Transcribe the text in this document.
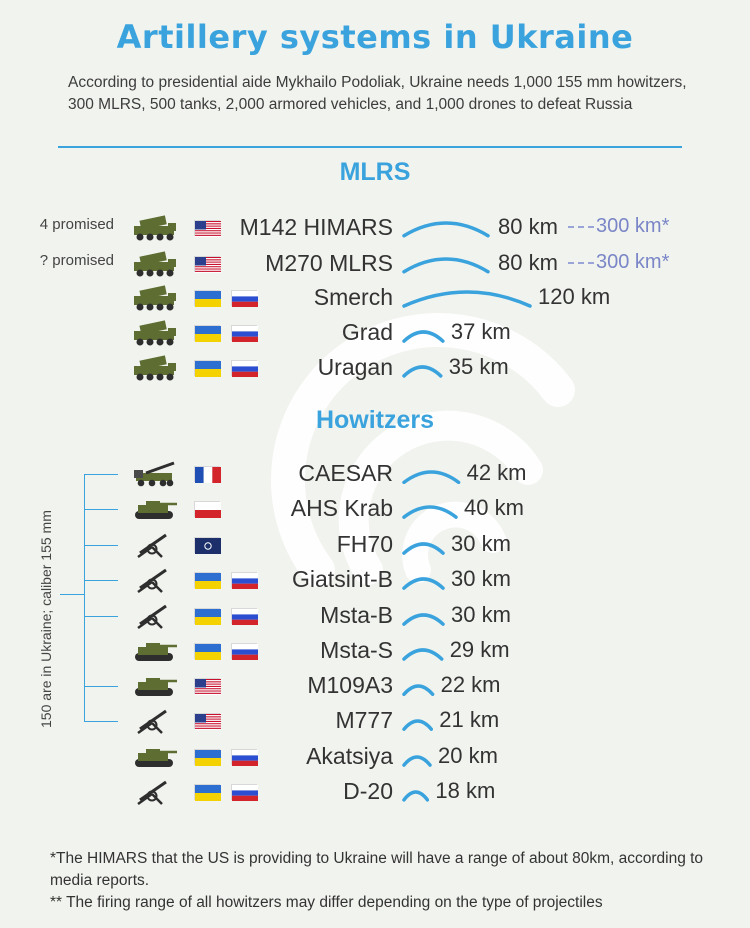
Artillery systems in Ukraine
According to presidential aide Mykhailo Podoliak, Ukraine needs 1,000 155 mm howitzers, 300 MLRS, 500 tanks, 2,000 armored vehicles, and 1,000 drones to defeat Russia
MLRS
4 promised	M142 HIMARS	80 km 300 km*
? promised	M270 MLRS	80 km 300 km*
Smerch	120 km
Grad	37 km
Uragan	35 km
Howitzers
CAESAR	42 km
AHS Krab	40 km
FH70	30 km
Giatsint-B	30 km
Msta-B	30 km
Msta-S	29 km
M109A3 22 km
M777 21 km
Akatsiya 20 km
D-20 18 km
150 are in Ukraine; caliber 155 mm
*The HIMARS that the US is providing to Ukraine will have a range of about 80km, according to media reports.
** The firing range of all howitzers may differ depending on the type of projectiles
